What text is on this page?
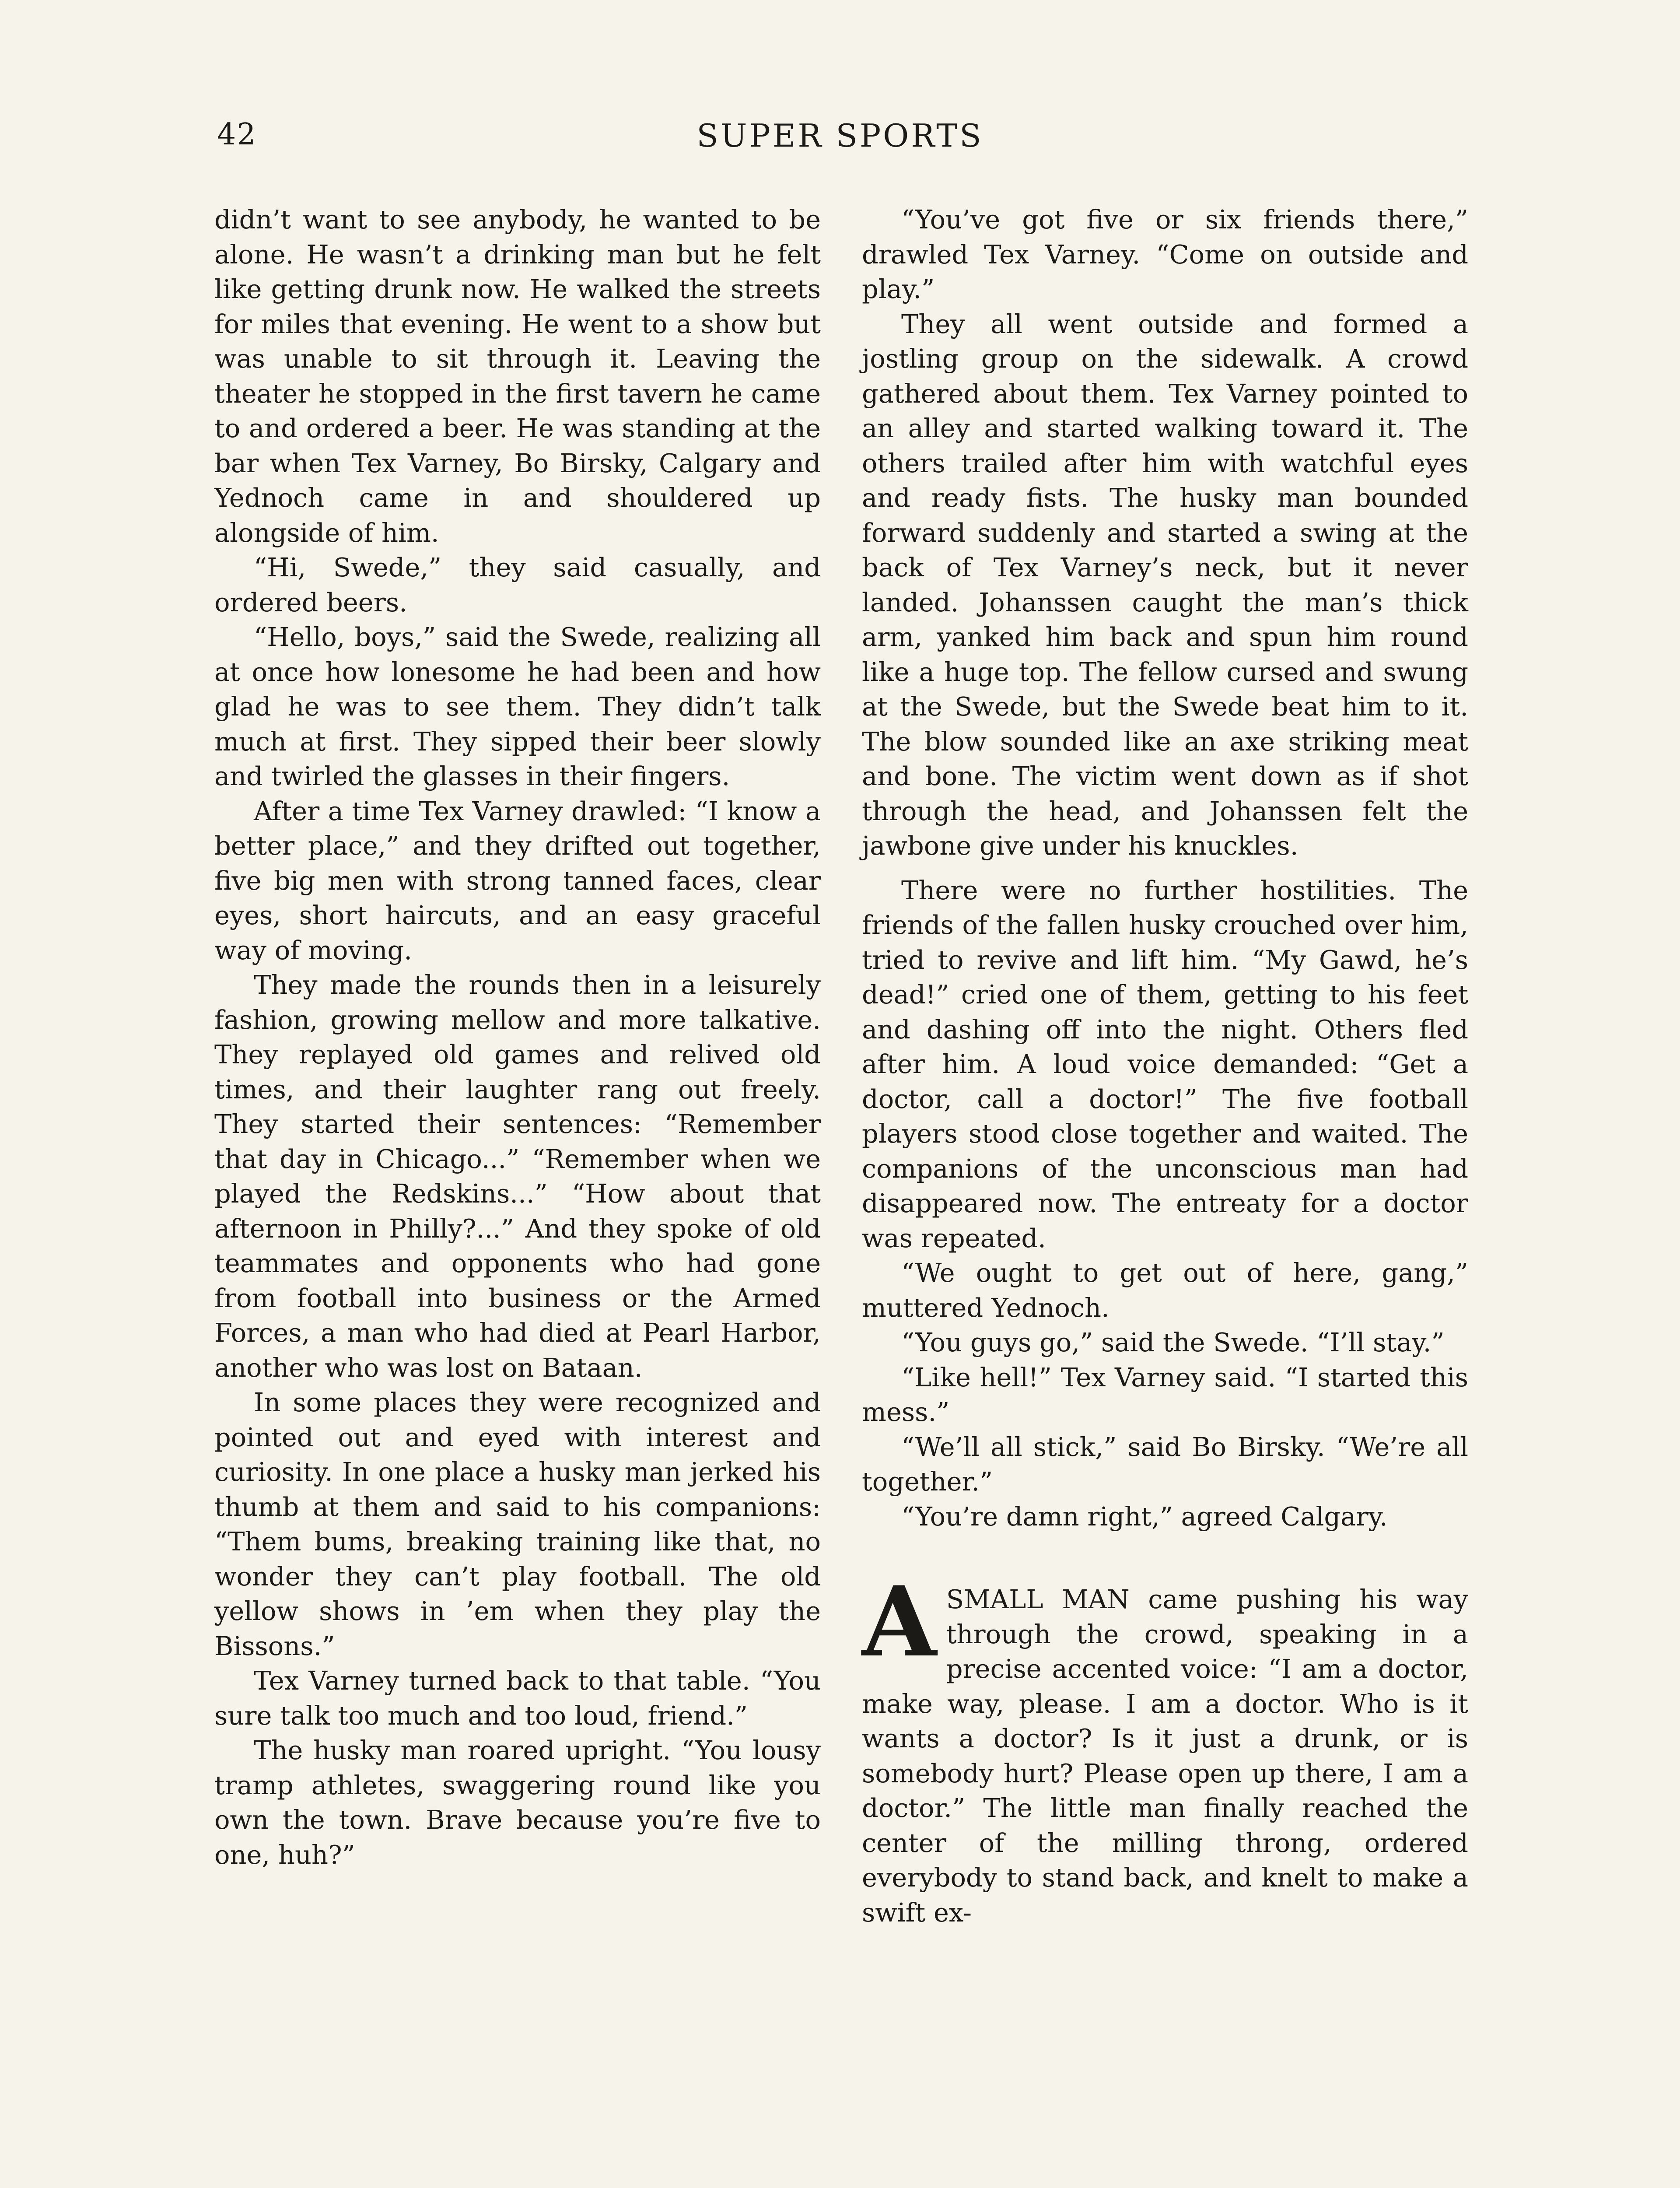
42	SUPER SPORTS

didn’t want to see anybody, he wanted to be alone. He wasn’t a drinking man but he felt like getting drunk now. He walked the streets for miles that evening. He went to a show but was unable to sit through it. Leaving the theater he stopped in the first tavern he came to and ordered a beer. He was standing at the bar when Tex Varney, Bo Birsky, Calgary and Yednoch came in and shouldered up alongside of him.

“Hi, Swede,” they said casually, and ordered beers.

“Hello, boys,” said the Swede, realizing all at once how lonesome he had been and how glad he was to see them. They didn’t talk much at first. They sipped their beer slowly and twirled the glasses in their fingers.

After a time Tex Varney drawled: “I know a better place,” and they drifted out together, five big men with strong tanned faces, clear eyes, short haircuts, and an easy graceful way of moving.

They made the rounds then in a leisurely fashion, growing mellow and more talkative. They replayed old games and relived old times, and their laughter rang out freely. They started their sentences: “Remember that day in Chicago...” “Remember when we played the Redskins...” “How about that afternoon in Philly?...” And they spoke of old teammates and opponents who had gone from football into business or the Armed Forces, a man who had died at Pearl Harbor, another who was lost on Bataan.

In some places they were recognized and pointed out and eyed with interest and curiosity. In one place a husky man jerked his thumb at them and said to his companions: “Them bums, breaking training like that, no wonder they can’t play football. The old yellow shows in ’em when they play the Bissons.”

Tex Varney turned back to that table. “You sure talk too much and too loud, friend.”

The husky man roared upright. “You lousy tramp athletes, swaggering round like you own the town. Brave because you’re five to one, huh?”

“You’ve got five or six friends there,” drawled Tex Varney. “Come on outside and play.”

They all went outside and formed a jostling group on the sidewalk. A crowd gathered about them. Tex Varney pointed to an alley and started walking toward it. The others trailed after him with watchful eyes and ready fists. The husky man bounded forward suddenly and started a swing at the back of Tex Varney’s neck, but it never landed. Johanssen caught the man’s thick arm, yanked him back and spun him round like a huge top. The fellow cursed and swung at the Swede, but the Swede beat him to it. The blow sounded like an axe striking meat and bone. The victim went down as if shot through the head, and Johanssen felt the jawbone give under his knuckles.

There were no further hostilities. The friends of the fallen husky crouched over him, tried to revive and lift him. “My Gawd, he’s dead!” cried one of them, getting to his feet and dashing off into the night. Others fled after him. A loud voice demanded: “Get a doctor, call a doctor!” The five football players stood close together and waited. The companions of the unconscious man had disappeared now. The entreaty for a doctor was repeated.

“We ought to get out of here, gang,” muttered Yednoch.

“You guys go,” said the Swede. “I’ll stay.”

“Like hell!” Tex Varney said. “I started this mess.”

“We’ll all stick,” said Bo Birsky. “We’re all together.”

“You’re damn right,” agreed Calgary.

ASMALL MAN came pushing his way through the crowd, speaking in a precise accented voice: “I am a doctor, make way, please. I am a doctor. Who is it wants a doctor? Is it just a drunk, or is somebody hurt? Please open up there, I am a doctor.” The little man finally reached the center of the milling throng, ordered everybody to stand back, and knelt to make a swift ex-
